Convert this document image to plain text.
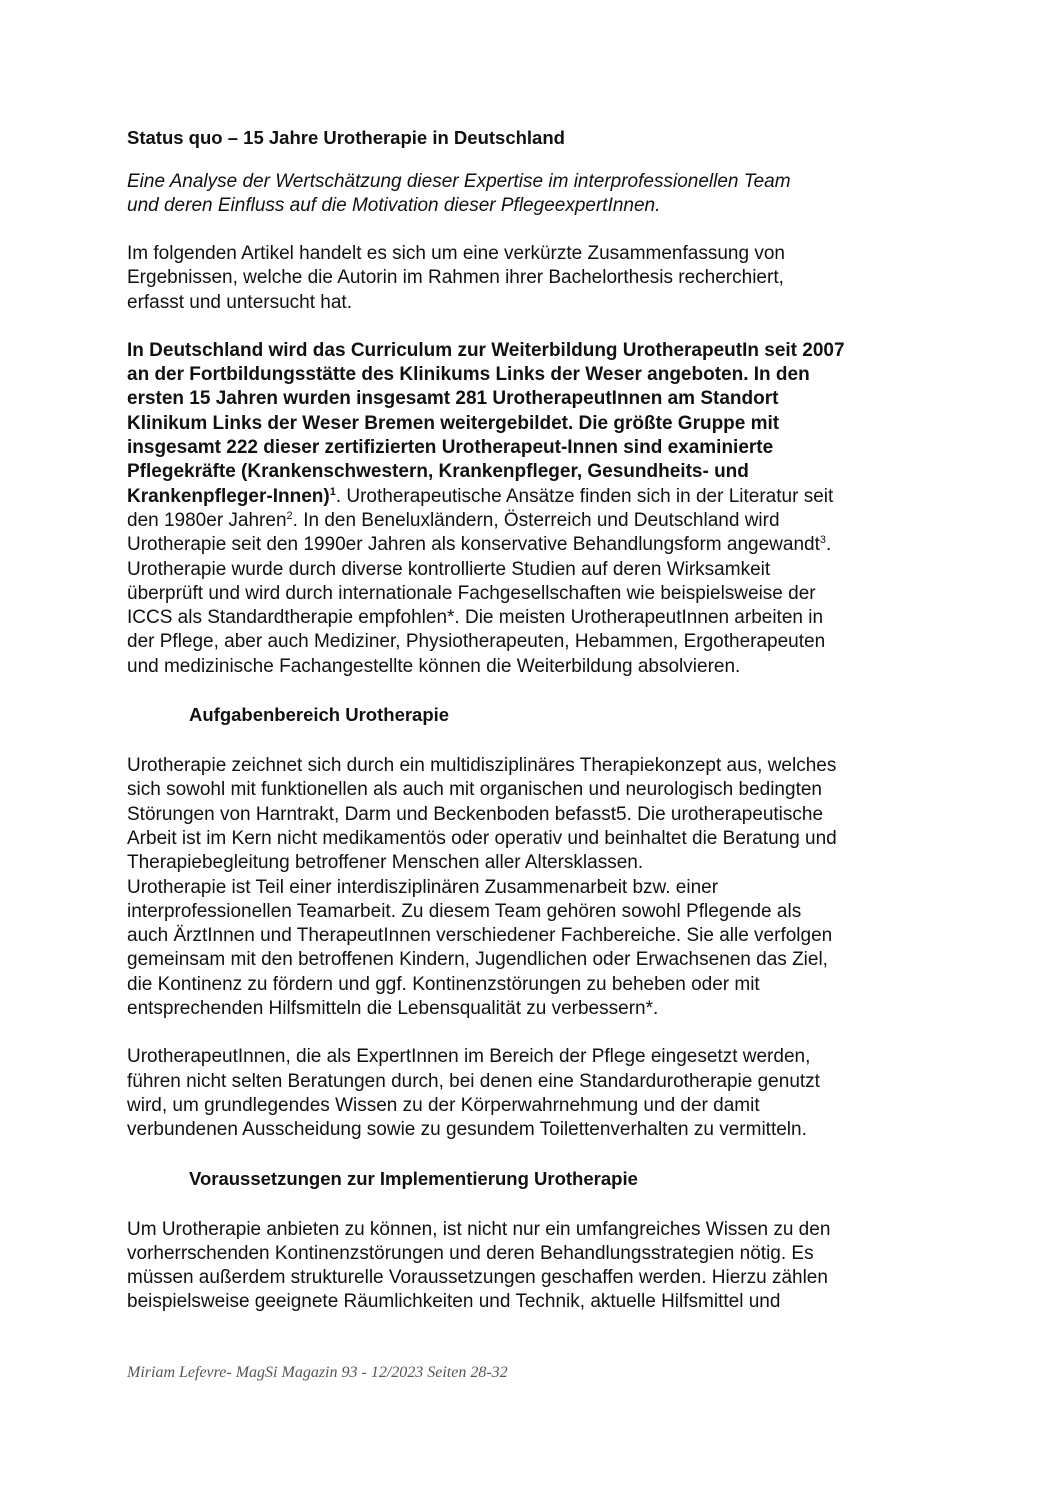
Status quo – 15 Jahre Urotherapie in Deutschland
Eine Analyse der Wertschätzung dieser Expertise im interprofessionellen Team
und deren Einfluss auf die Motivation dieser PflegeexpertInnen.
Im folgenden Artikel handelt es sich um eine verkürzte Zusammenfassung von
Ergebnissen, welche die Autorin im Rahmen ihrer Bachelorthesis recherchiert,
erfasst und untersucht hat.
In Deutschland wird das Curriculum zur Weiterbildung UrotherapeutIn seit 2007
an der Fortbildungsstätte des Klinikums Links der Weser angeboten. In den
ersten 15 Jahren wurden insgesamt 281 UrotherapeutInnen am Standort
Klinikum Links der Weser Bremen weitergebildet. Die größte Gruppe mit
insgesamt 222 dieser zertifizierten Urotherapeut-Innen sind examinierte
Pflegekräfte (Krankenschwestern, Krankenpfleger, Gesundheits- und
Krankenpfleger-Innen)$^1$. Urotherapeutische Ansätze finden sich in der Literatur seit
den 1980er Jahren$^2$. In den Beneluxländern, Österreich und Deutschland wird
Urotherapie seit den 1990er Jahren als konservative Behandlungsform angewandt$^3$.
Urotherapie wurde durch diverse kontrollierte Studien auf deren Wirksamkeit
überprüft und wird durch internationale Fachgesellschaften wie beispielsweise der
ICCS als Standardtherapie empfohlen*. Die meisten UrotherapeutInnen arbeiten in
der Pflege, aber auch Mediziner, Physiotherapeuten, Hebammen, Ergotherapeuten
und medizinische Fachangestellte können die Weiterbildung absolvieren.
Aufgabenbereich Urotherapie
Urotherapie zeichnet sich durch ein multidisziplinäres Therapiekonzept aus, welches
sich sowohl mit funktionellen als auch mit organischen und neurologisch bedingten
Störungen von Harntrakt, Darm und Beckenboden befasst5. Die urotherapeutische
Arbeit ist im Kern nicht medikamentös oder operativ und beinhaltet die Beratung und
Therapiebegleitung betroffener Menschen aller Altersklassen.
Urotherapie ist Teil einer interdisziplinären Zusammenarbeit bzw. einer
interprofessionellen Teamarbeit. Zu diesem Team gehören sowohl Pflegende als
auch ÄrztInnen und TherapeutInnen verschiedener Fachbereiche. Sie alle verfolgen
gemeinsam mit den betroffenen Kindern, Jugendlichen oder Erwachsenen das Ziel,
die Kontinenz zu fördern und ggf. Kontinenzstörungen zu beheben oder mit
entsprechenden Hilfsmitteln die Lebensqualität zu verbessern*.
UrotherapeutInnen, die als ExpertInnen im Bereich der Pflege eingesetzt werden,
führen nicht selten Beratungen durch, bei denen eine Standardurotherapie genutzt
wird, um grundlegendes Wissen zu der Körperwahrnehmung und der damit
verbundenen Ausscheidung sowie zu gesundem Toilettenverhalten zu vermitteln.
Voraussetzungen zur Implementierung Urotherapie
Um Urotherapie anbieten zu können, ist nicht nur ein umfangreiches Wissen zu den
vorherrschenden Kontinenzstörungen und deren Behandlungsstrategien nötig. Es
müssen außerdem strukturelle Voraussetzungen geschaffen werden. Hierzu zählen
beispielsweise geeignete Räumlichkeiten und Technik, aktuelle Hilfsmittel und
Miriam Lefevre- MagSi Magazin 93 - 12/2023 Seiten 28-32
